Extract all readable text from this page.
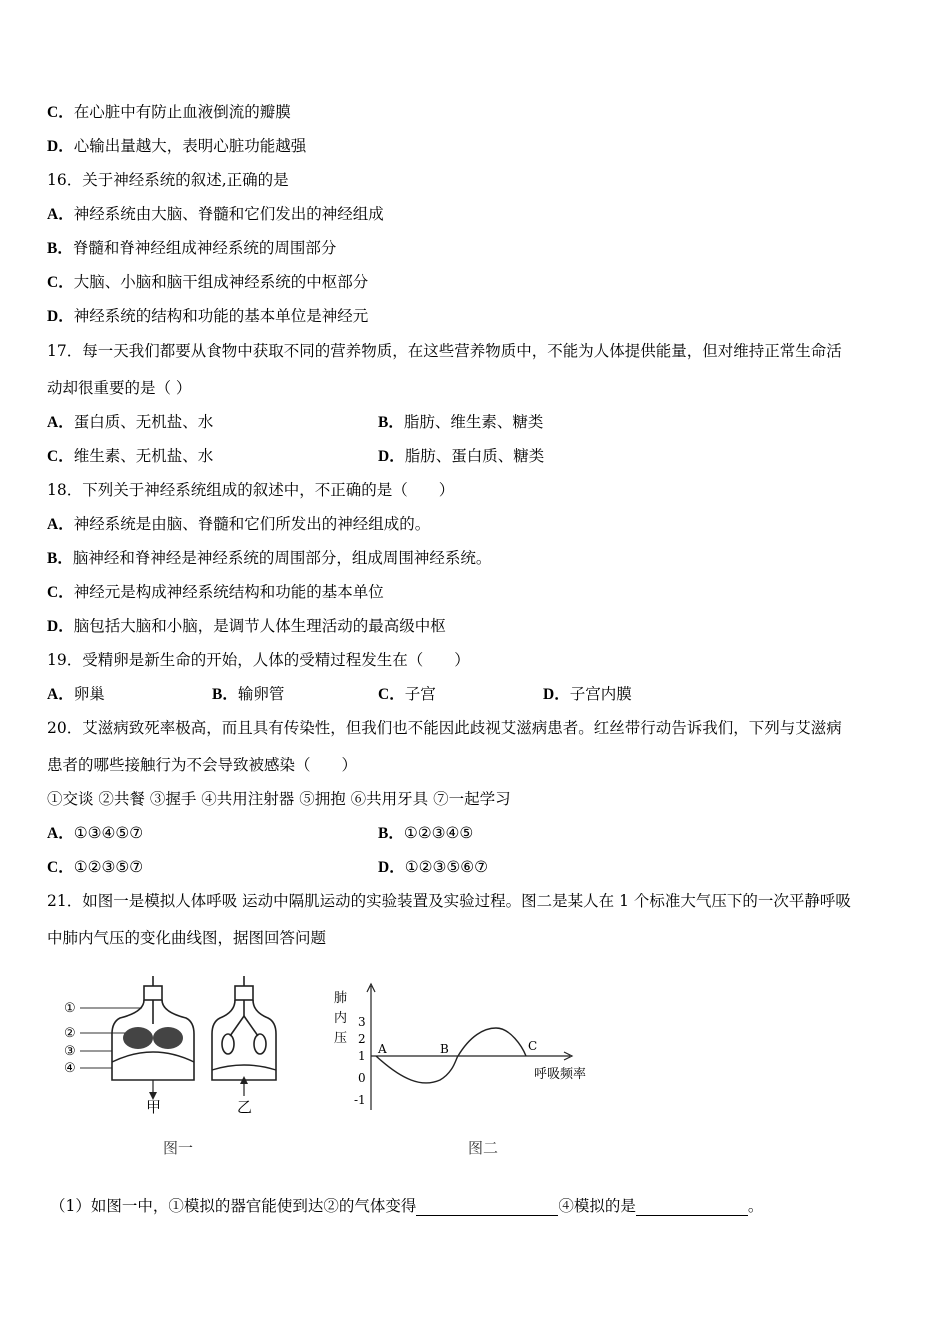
C．在心脏中有防止血液倒流的瓣膜
D．心输出量越大，表明心脏功能越强
16．关于神经系统的叙述,正确的是
A．神经系统由大脑、脊髓和它们发出的神经组成
B．脊髓和脊神经组成神经系统的周围部分
C．大脑、小脑和脑干组成神经系统的中枢部分
D．神经系统的结构和功能的基本单位是神经元
17．每一天我们都要从食物中获取不同的营养物质，在这些营养物质中，不能为人体提供能量，但对维持正常生命活
动却很重要的是（ ）
A．蛋白质、无机盐、水	B．脂肪、维生素、糖类
C．维生素、无机盐、水	D．脂肪、蛋白质、糖类
18．下列关于神经系统组成的叙述中，不正确的是（　　）
A．神经系统是由脑、脊髓和它们所发出的神经组成的。
B．脑神经和脊神经是神经系统的周围部分，组成周围神经系统。
C．神经元是构成神经系统结构和功能的基本单位
D．脑包括大脑和小脑，是调节人体生理活动的最高级中枢
19．受精卵是新生命的开始，人体的受精过程发生在（　　）
A．卵巢	B．输卵管	C．子宫	D．子宫内膜
20．艾滋病致死率极高，而且具有传染性，但我们也不能因此歧视艾滋病患者。红丝带行动告诉我们，下列与艾滋病
患者的哪些接触行为不会导致被感染（　　）
①交谈 ②共餐 ③握手 ④共用注射器 ⑤拥抱 ⑥共用牙具 ⑦一起学习
A．①③④⑤⑦	B．①②③④⑤
C．①②③⑤⑦	D．①②③⑤⑥⑦
21．如图一是模拟人体呼吸 运动中隔肌运动的实验装置及实验过程。图二是某人在 1 个标准大气压下的一次平静呼吸
中肺内气压的变化曲线图，据图回答问题
①
②
③
④
甲	乙
图一
肺
内
压
3
2
1
0
-1
A	B	C
呼吸频率
图二
（1）如图一中，①模拟的器官能使到达②的气体变得	④模拟的是	。
